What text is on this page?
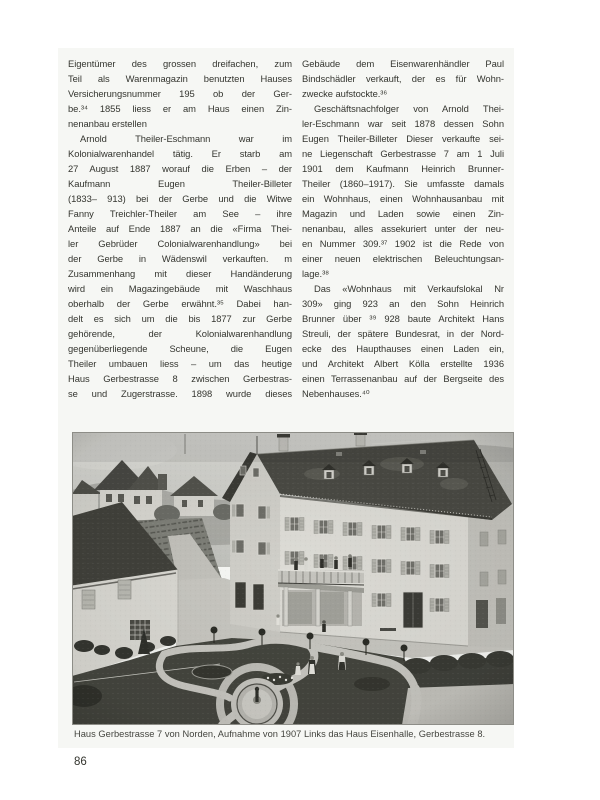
Eigentümer des grossen dreifachen, zum
Teil als Warenmagazin benutzten Hauses
Versicherungsnummer 195 ob der Ger-
be.³⁴ 1855 liess er am Haus einen Zin-
nenanbau erstellen
Arnold Theiler-Eschmann war im
Kolonialwarenhandel tätig. Er starb am
27 August 1887 worauf die Erben – der
Kaufmann Eugen Theiler-Billeter
(1833– 913) bei der Gerbe und die Witwe
Fanny Treichler-Theiler am See – ihre
Anteile auf Ende 1887 an die «Firma Thei-
ler Gebrüder Colonialwarenhandlung» bei
der Gerbe in Wädenswil verkauften. m
Zusammenhang mit dieser Handänderung
wird ein Magazingebäude mit Waschhaus
oberhalb der Gerbe erwähnt.³⁵ Dabei han-
delt es sich um die bis 1877 zur Gerbe
gehörende, der Kolonialwarenhandlung
gegenüberliegende Scheune, die Eugen
Theiler umbauen liess – um das heutige
Haus Gerbestrasse 8 zwischen Gerbestras-
se und Zugerstrasse. 1898 wurde dieses
Gebäude dem Eisenwarenhändler Paul
Bindschädler verkauft, der es für Wohn-
zwecke aufstockte.³⁶
Geschäftsnachfolger von Arnold Thei-
ler-Eschmann war seit 1878 dessen Sohn
Eugen Theiler-Billeter Dieser verkaufte sei-
ne Liegenschaft Gerbestrasse 7 am 1 Juli
1901 dem Kaufmann Heinrich Brunner-
Theiler (1860–1917). Sie umfasste damals
ein Wohnhaus, einen Wohnhausanbau mit
Magazin und Laden sowie einen Zin-
nenanbau, alles assekuriert unter der neu-
en Nummer 309.³⁷ 1902 ist die Rede von
einer neuen elektrischen Beleuchtungsan-
lage.³⁸
Das «Wohnhaus mit Verkaufslokal Nr
309» ging 923 an den Sohn Heinrich
Brunner über ³⁹ 928 baute Architekt Hans
Streuli, der spätere Bundesrat, in der Nord-
ecke des Haupthauses einen Laden ein,
und Architekt Albert Kölla erstellte 1936
einen Terrassenanbau auf der Bergseite des
Nebenhauses.⁴⁰
Haus Gerbestrasse 7 von Norden, Aufnahme von 1907 Links das Haus Eisenhalle, Gerbestrasse 8.
86
